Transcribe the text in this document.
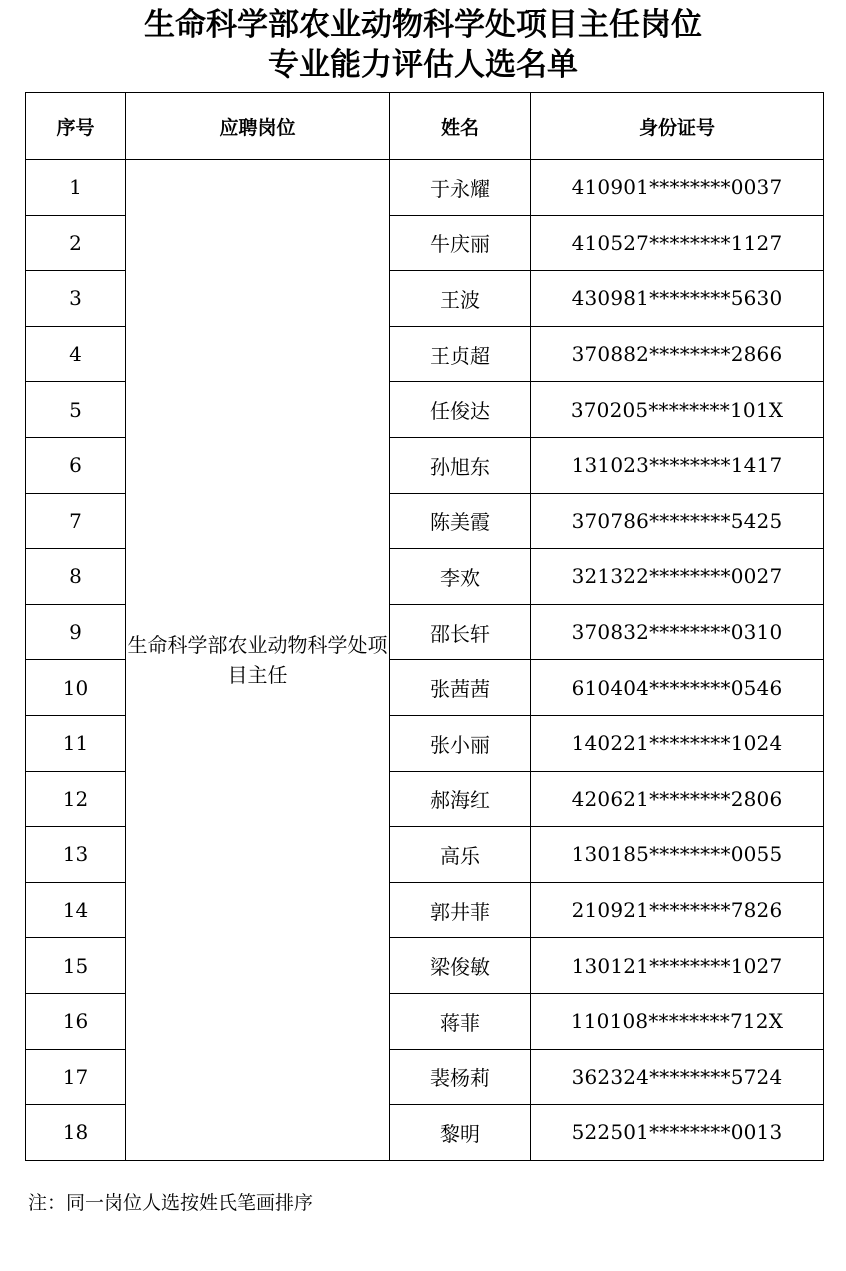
生命科学部农业动物科学处项目主任岗位
专业能力评估人选名单
序号	应聘岗位	姓名	身份证号
1	生命科学部农业动物科学处项目主任	于永耀	410901********0037
2		牛庆丽	410527********1127
3		王波	430981********5630
4		王贞超	370882********2866
5		任俊达	370205********101X
6		孙旭东	131023********1417
7		陈美霞	370786********5425
8		李欢	321322********0027
9		邵长轩	370832********0310
10		张茜茜	610404********0546
11		张小丽	140221********1024
12		郝海红	420621********2806
13		高乐	130185********0055
14		郭井菲	210921********7826
15		梁俊敏	130121********1027
16		蒋菲	110108********712X
17		裴杨莉	362324********5724
18		黎明	522501********0013

注：同一岗位人选按姓氏笔画排序
